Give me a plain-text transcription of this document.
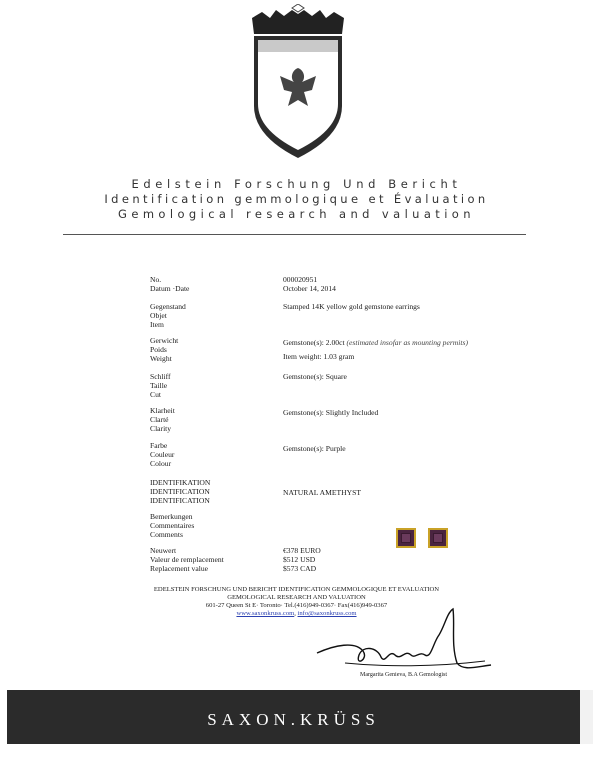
XC III
Edelstein Forschung Und Bericht
Identification gemmologique et Évaluation
Gemological research and valuation
No.
Datum ·Date
000020951
October 14, 2014
Gegenstand
Objet
Item
Stamped 14K yellow gold gemstone earrings
Gerwicht
Poids
Weight
Gemstone(s): 2.00ct (estimated insofar as mounting permits)
Item weight: 1.03 gram
Schliff
Taille
Cut
Gemstone(s): Square
Klarheit
Clarté
Clarity
Gemstone(s): Slightly Included
Farbe
Couleur
Colour
Gemstone(s): Purple
IDENTIFIKATION
IDENTIFICATION
IDENTIFICATION
NATURAL AMETHYST
Bemerkungen
Commentaires
Comments
Neuwert
Valeur de remplacement
Replacement value
€378 EURO
$512 USD
$573 CAD
EDELSTEIN FORSCHUNG UND BERICHT IDENTIFICATION GEMMOLOGIQUE ET EVALUATION
GEMOLOGICAL RESEARCH AND VALUATION
601-27 Queen St E· Toronto· Tel.(416)949-0367· Fax(416)949-0367
www.saxonkruss.com, info@saxonkruss.com
Margarita Genieva, B.A Gemologist
SAXON.KRÜSS
